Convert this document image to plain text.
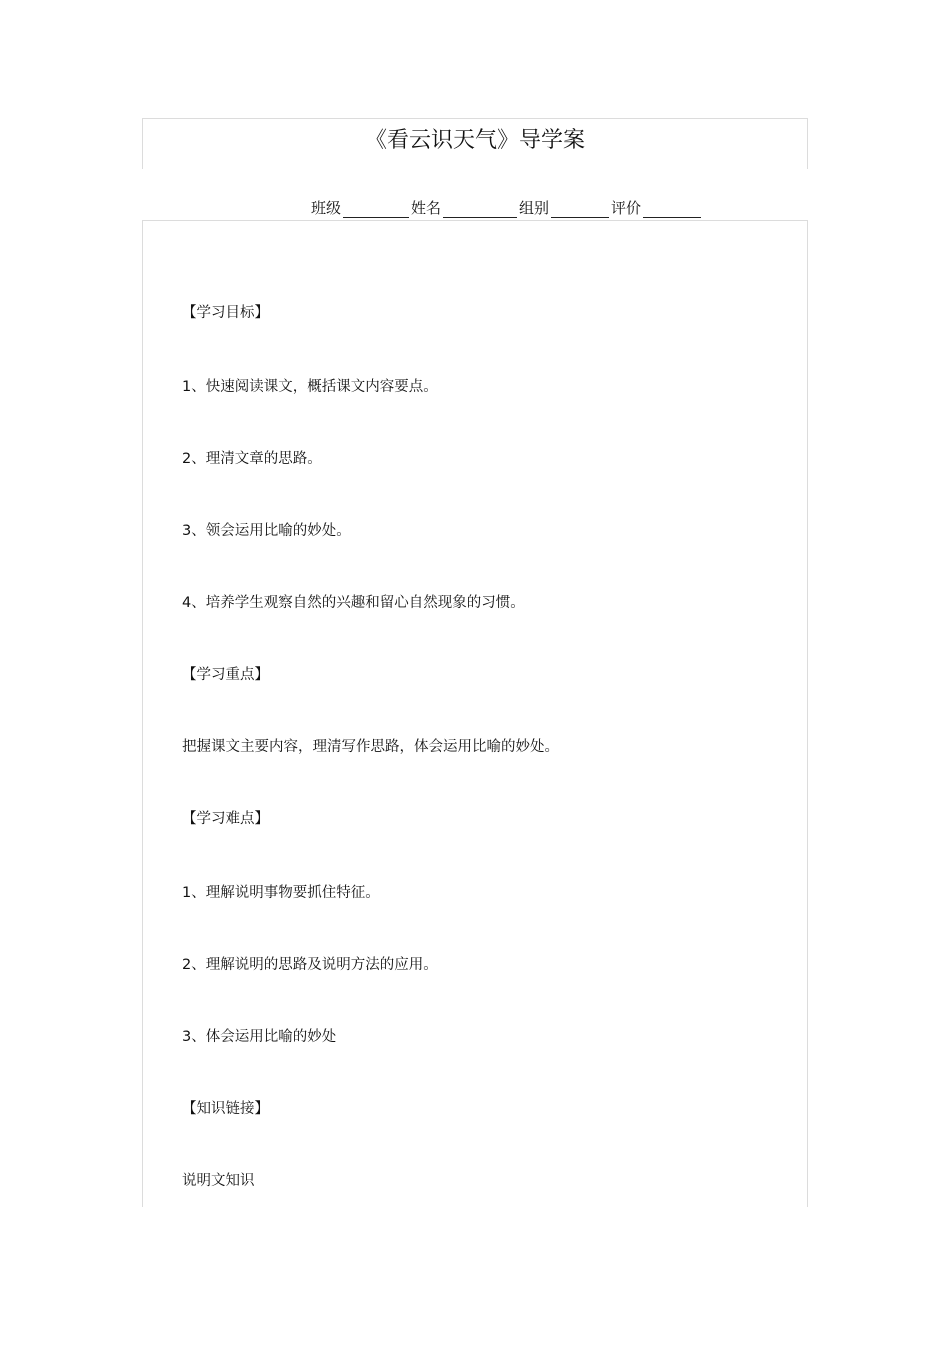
《看云识天气》导学案
班级	姓名	组别	评价
【学习目标】
1、快速阅读课文，概括课文内容要点。
2、理清文章的思路。
3、领会运用比喻的妙处。
4、培养学生观察自然的兴趣和留心自然现象的习惯。
【学习重点】
把握课文主要内容，理清写作思路，体会运用比喻的妙处。
【学习难点】
1、理解说明事物要抓住特征。
2、理解说明的思路及说明方法的应用。
3、体会运用比喻的妙处
【知识链接】
说明文知识
